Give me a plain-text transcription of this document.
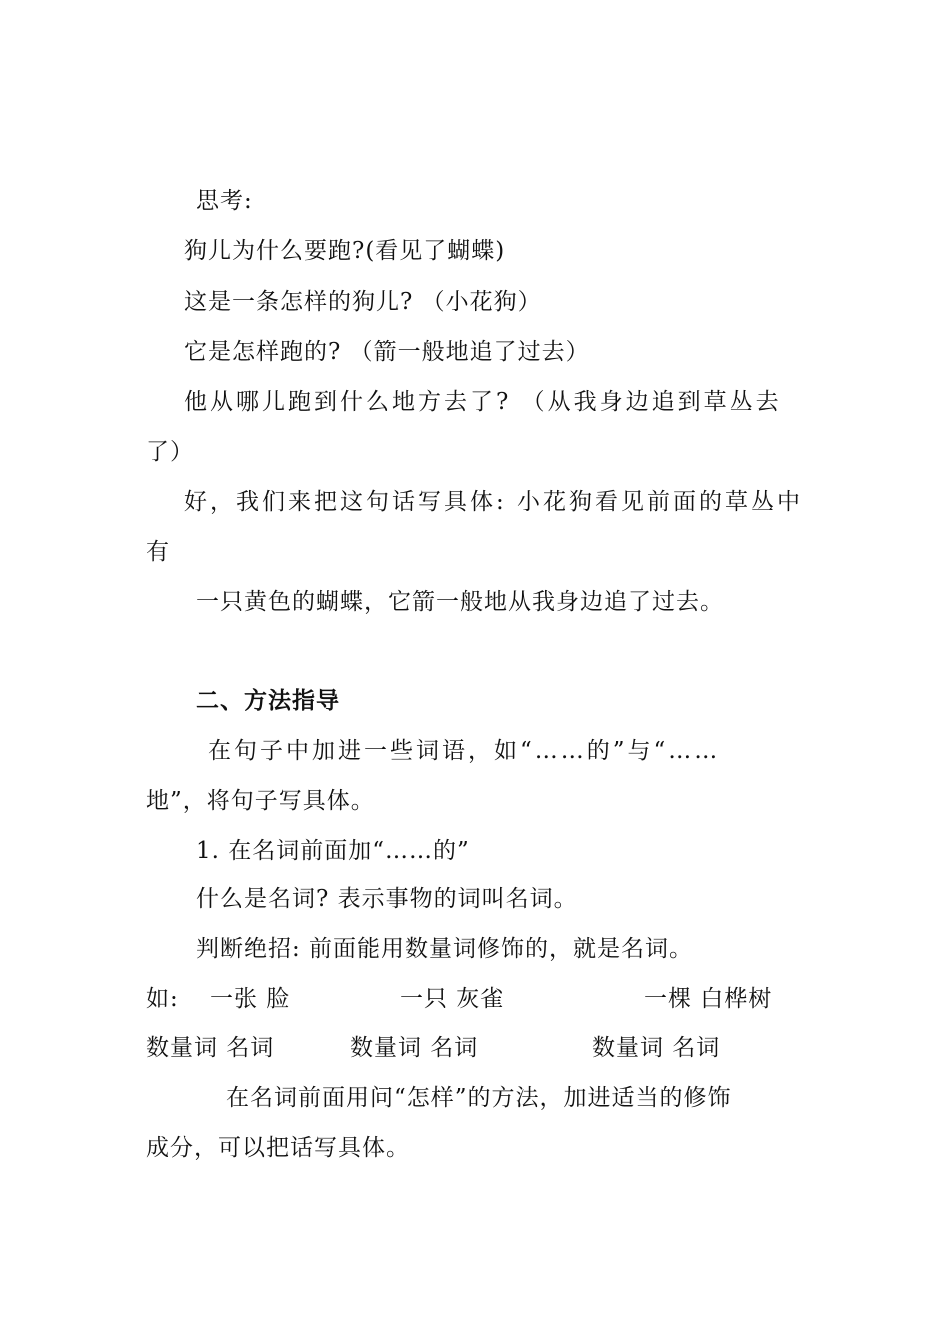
思考:
狗儿为什么要跑?(看见了蝴蝶)
这是一条怎样的狗儿? （小花狗）
它是怎样跑的? （箭一般地追了过去）
他从哪儿跑到什么地方去了? （从我身边追到草丛去
了）
好，我们来把这句话写具体: 小花狗看见前面的草丛中
有
一只黄色的蝴蝶，它箭一般地从我身边追了过去。
二、方法指导
在句子中加进一些词语，如“……的”与“……
地”，将句子写具体。
1. 在名词前面加“……的”
什么是名词? 表示事物的词叫名词。
判断绝招: 前面能用数量词修饰的，就是名词。
如: 一张 脸	一只 灰雀	一棵 白桦树
数量词 名词	数量词 名词	数量词 名词
在名词前面用问“怎样”的方法，加进适当的修饰
成分，可以把话写具体。
